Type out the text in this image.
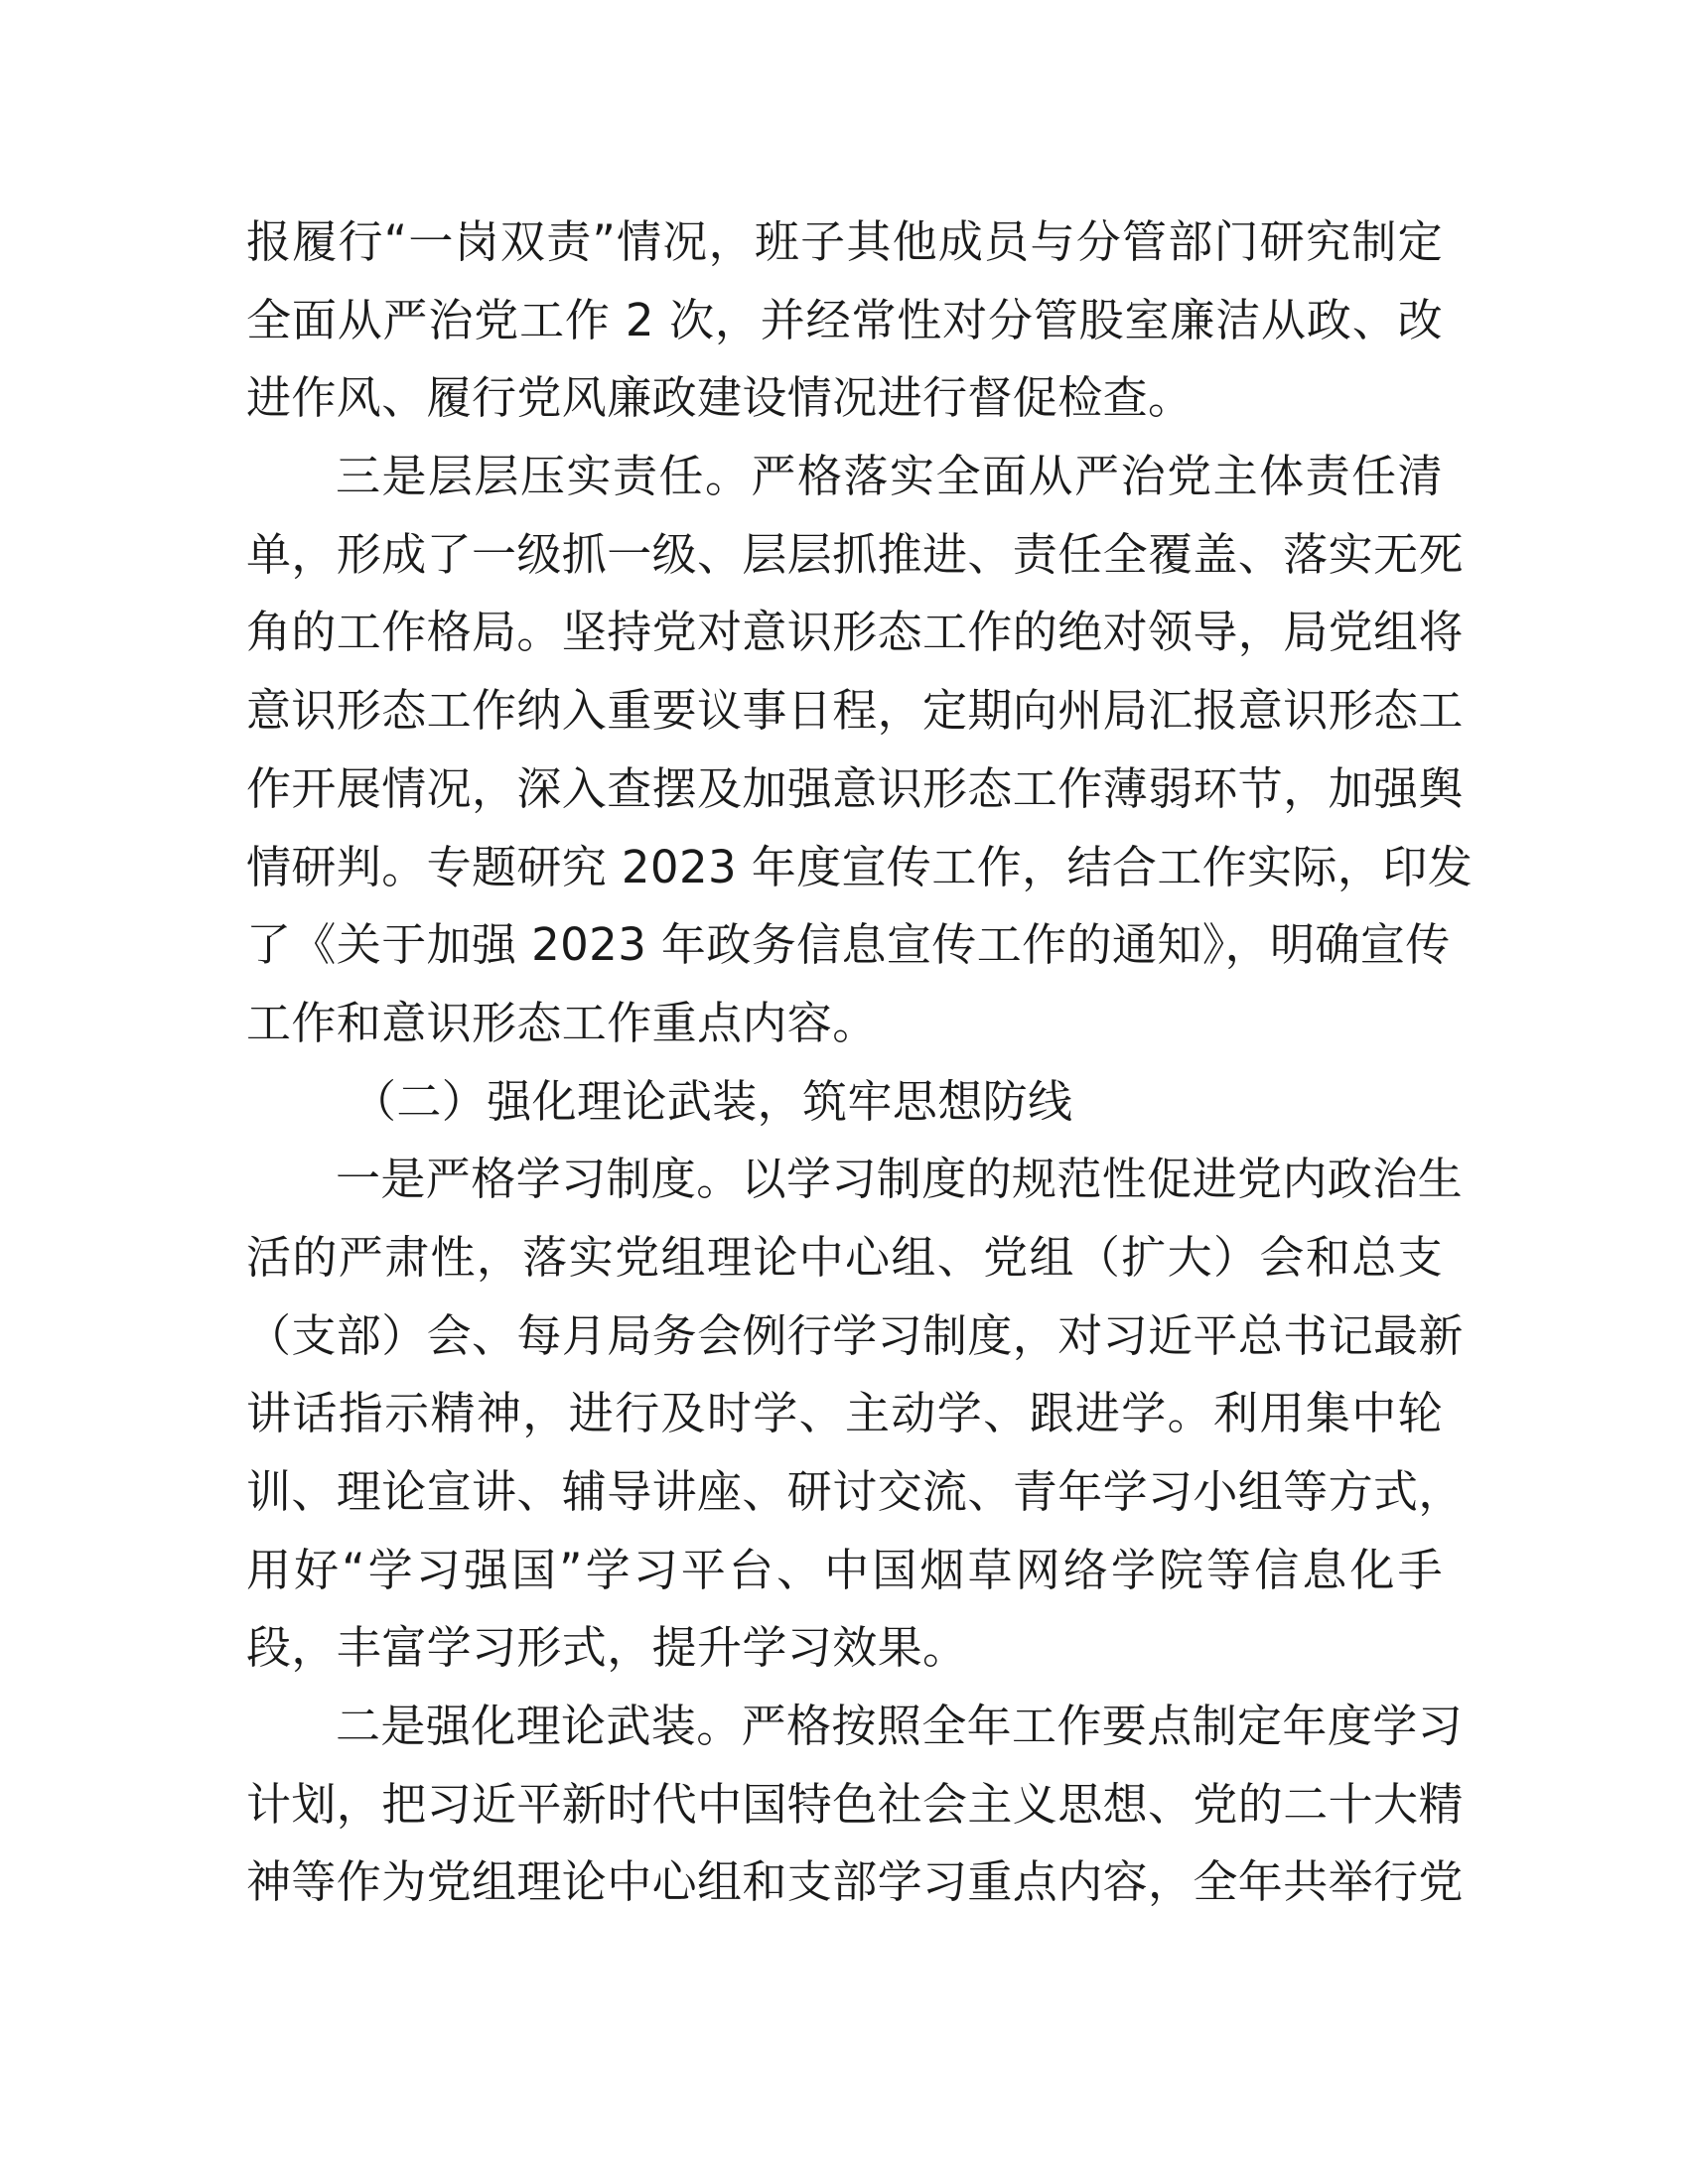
报履行“一岗双责”情况，班子其他成员与分管部门研究制定
全面从严治党工作 2 次，并经常性对分管股室廉洁从政、改
进作风、履行党风廉政建设情况进行督促检查。
三是层层压实责任。严格落实全面从严治党主体责任清
单，形成了一级抓一级、层层抓推进、责任全覆盖、落实无死
角的工作格局。坚持党对意识形态工作的绝对领导，局党组将
意识形态工作纳入重要议事日程，定期向州局汇报意识形态工
作开展情况，深入查摆及加强意识形态工作薄弱环节，加强舆
情研判。专题研究 2023 年度宣传工作，结合工作实际，印发
了《关于加强 2023 年政务信息宣传工作的通知》，明确宣传
工作和意识形态工作重点内容。
（二）强化理论武装，筑牢思想防线
一是严格学习制度。以学习制度的规范性促进党内政治生
活的严肃性，落实党组理论中心组、党组（扩大）会和总支
（支部）会、每月局务会例行学习制度，对习近平总书记最新
讲话指示精神，进行及时学、主动学、跟进学。利用集中轮
训、理论宣讲、辅导讲座、研讨交流、青年学习小组等方式，
用好“学习强国”学习平台、中国烟草网络学院等信息化手
段，丰富学习形式，提升学习效果。
二是强化理论武装。严格按照全年工作要点制定年度学习
计划，把习近平新时代中国特色社会主义思想、党的二十大精
神等作为党组理论中心组和支部学习重点内容，全年共举行党
